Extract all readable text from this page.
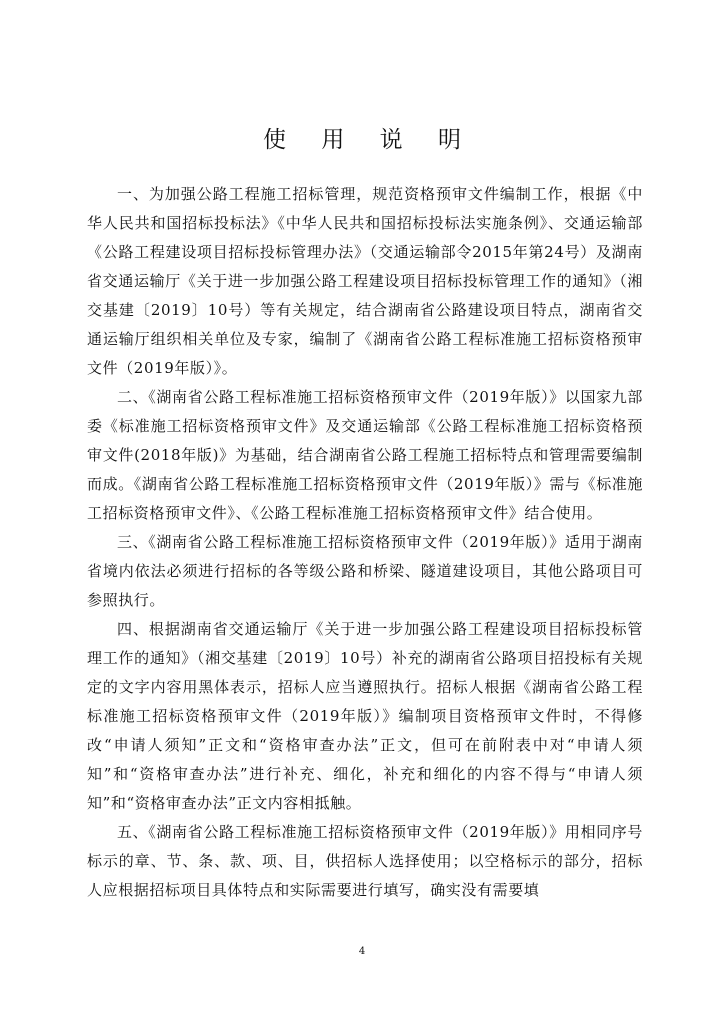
使 用 说 明

一、为加强公路工程施工招标管理，规范资格预审文件编制工作，根据《中华人民共和国招标投标法》《中华人民共和国招标投标法实施条例》、交通运输部《公路工程建设项目招标投标管理办法》（交通运输部令2015年第24号）及湖南省交通运输厅《关于进一步加强公路工程建设项目招标投标管理工作的通知》（湘交基建〔2019〕10号）等有关规定，结合湖南省公路建设项目特点，湖南省交通运输厅组织相关单位及专家，编制了《湖南省公路工程标准施工招标资格预审文件（2019年版）》。

二、《湖南省公路工程标准施工招标资格预审文件（2019年版）》以国家九部委《标准施工招标资格预审文件》及交通运输部《公路工程标准施工招标资格预审文件(2018年版)》为基础，结合湖南省公路工程施工招标特点和管理需要编制而成。《湖南省公路工程标准施工招标资格预审文件（2019年版）》需与《标准施工招标资格预审文件》、《公路工程标准施工招标资格预审文件》结合使用。

三、《湖南省公路工程标准施工招标资格预审文件（2019年版）》适用于湖南省境内依法必须进行招标的各等级公路和桥梁、隧道建设项目，其他公路项目可参照执行。

四、根据湖南省交通运输厅《关于进一步加强公路工程建设项目招标投标管理工作的通知》（湘交基建〔2019〕10号）补充的湖南省公路项目招投标有关规定的文字内容用黑体表示，招标人应当遵照执行。招标人根据《湖南省公路工程标准施工招标资格预审文件（2019年版）》编制项目资格预审文件时，不得修改“申请人须知”正文和“资格审查办法”正文，但可在前附表中对“申请人须知”和“资格审查办法”进行补充、细化，补充和细化的内容不得与“申请人须知”和“资格审查办法”正文内容相抵触。

五、《湖南省公路工程标准施工招标资格预审文件（2019年版）》用相同序号标示的章、节、条、款、项、目，供招标人选择使用；以空格标示的部分，招标人应根据招标项目具体特点和实际需要进行填写，确实没有需要填

4
